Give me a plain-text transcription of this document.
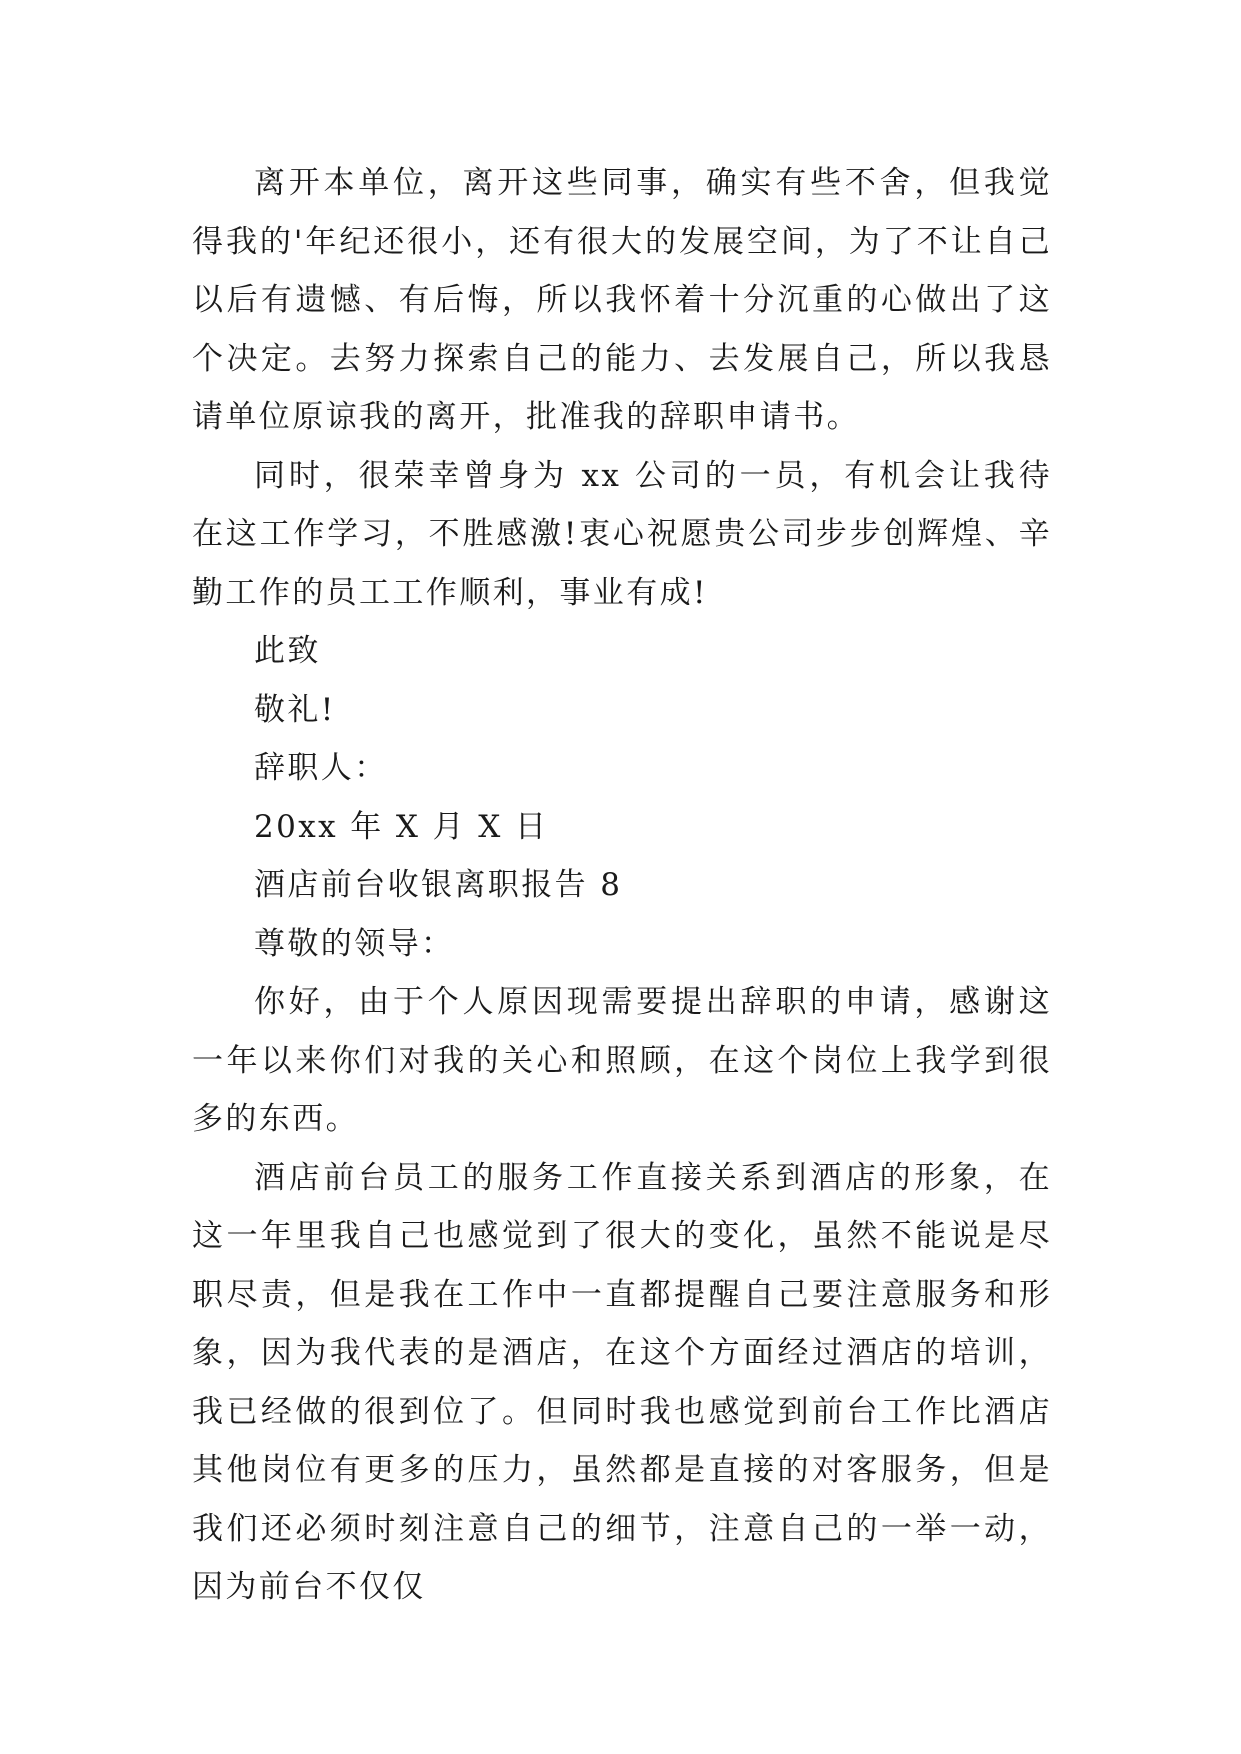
离开本单位，离开这些同事，确实有些不舍，但我觉得我的'年纪还很小，还有很大的发展空间，为了不让自己以后有遗憾、有后悔，所以我怀着十分沉重的心做出了这个决定。去努力探索自己的能力、去发展自己，所以我恳请单位原谅我的离开，批准我的辞职申请书。

同时，很荣幸曾身为 xx 公司的一员，有机会让我待在这工作学习，不胜感激!衷心祝愿贵公司步步创辉煌、辛勤工作的员工工作顺利，事业有成!

此致

敬礼!

辞职人：

20xx 年 X 月 X 日

酒店前台收银离职报告 8

尊敬的领导：

你好，由于个人原因现需要提出辞职的申请，感谢这一年以来你们对我的关心和照顾，在这个岗位上我学到很多的东西。

酒店前台员工的服务工作直接关系到酒店的形象，在这一年里我自己也感觉到了很大的变化，虽然不能说是尽职尽责，但是我在工作中一直都提醒自己要注意服务和形象，因为我代表的是酒店，在这个方面经过酒店的培训，我已经做的很到位了。但同时我也感觉到前台工作比酒店其他岗位有更多的压力，虽然都是直接的对客服务，但是我们还必须时刻注意自己的细节，注意自己的一举一动，因为前台不仅仅
